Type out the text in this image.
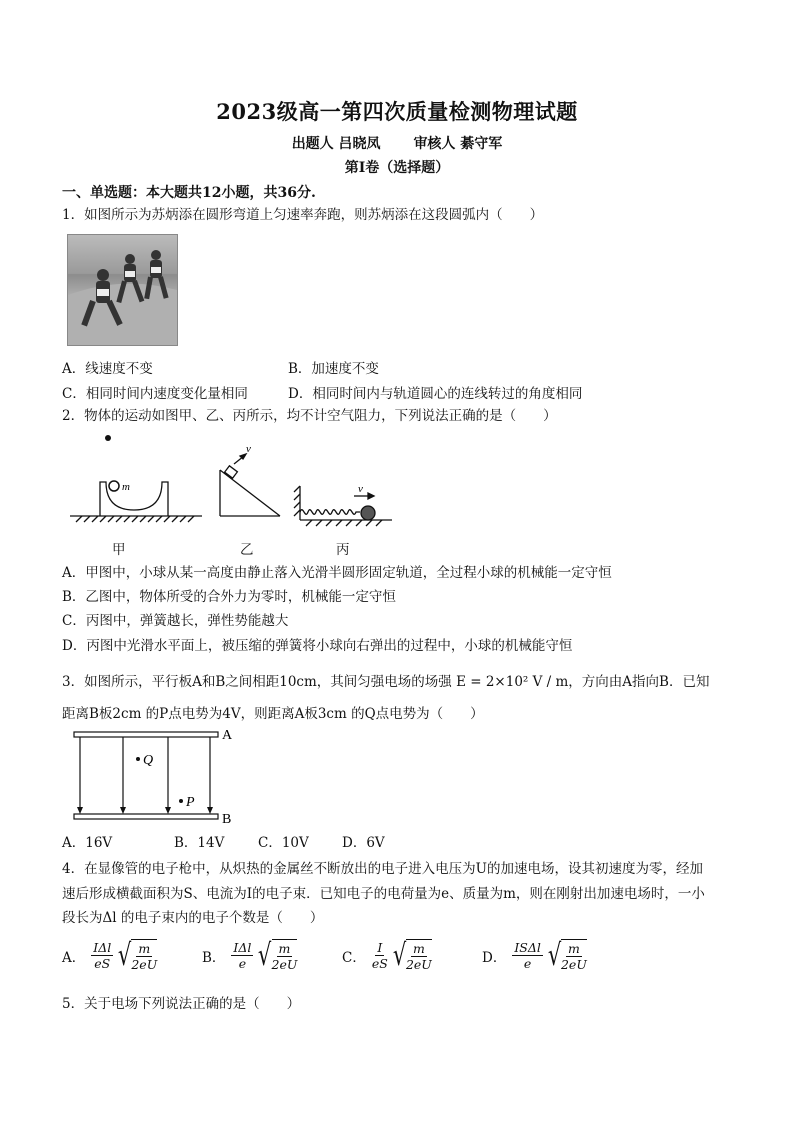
2023级高一第四次质量检测物理试题
出题人 吕晓凤 审核人 綦守军
第Ⅰ卷（选择题）
一、单选题：本大题共12小题，共36分.
1．如图所示为苏炳添在圆形弯道上匀速率奔跑，则苏炳添在这段圆弧内（　　）
A．线速度不变	B．加速度不变
C．相同时间内速度变化量相同	D．相同时间内与轨道圆心的连线转过的角度相同
2．物体的运动如图甲、乙、丙所示，均不计空气阻力，下列说法正确的是（　　）
m
v
v
甲	乙	丙
A．甲图中，小球从某一高度由静止落入光滑半圆形固定轨道，全过程小球的机械能一定守恒
B．乙图中，物体所受的合外力为零时，机械能一定守恒
C．丙图中，弹簧越长，弹性势能越大
D．丙图中光滑水平面上，被压缩的弹簧将小球向右弹出的过程中，小球的机械能守恒
3．如图所示，平行板A和B之间相距10cm，其间匀强电场的场强 E = 2×10² V / m，方向由A指向B．已知
距离B板2cm 的P点电势为4V，则距离A板3cm 的Q点电势为（　　）
A
B
Q
P
A．16V	B．14V C．10V D．6V
4．在显像管的电子枪中，从炽热的金属丝不断放出的电子进入电压为U的加速电场，设其初速度为零，经加
速后形成横截面积为S、电流为I的电子束．已知电子的电荷量为e、质量为m，则在刚射出加速电场时，一小
段长为Δl 的电子束内的电子个数是（　　）
A． $\frac{\text{IΔl}}{eS}$ √ $\frac{m}{2eU}$	B． $\frac{\text{IΔl}}{e}$ √ $\frac{m}{2eU}$	C． $\frac{I}{eS}$ √ $\frac{m}{2eU}$	D． $\frac{\text{ISΔl}}{e}$ √ $\frac{m}{2eU}$
5．关于电场下列说法正确的是（　　）
